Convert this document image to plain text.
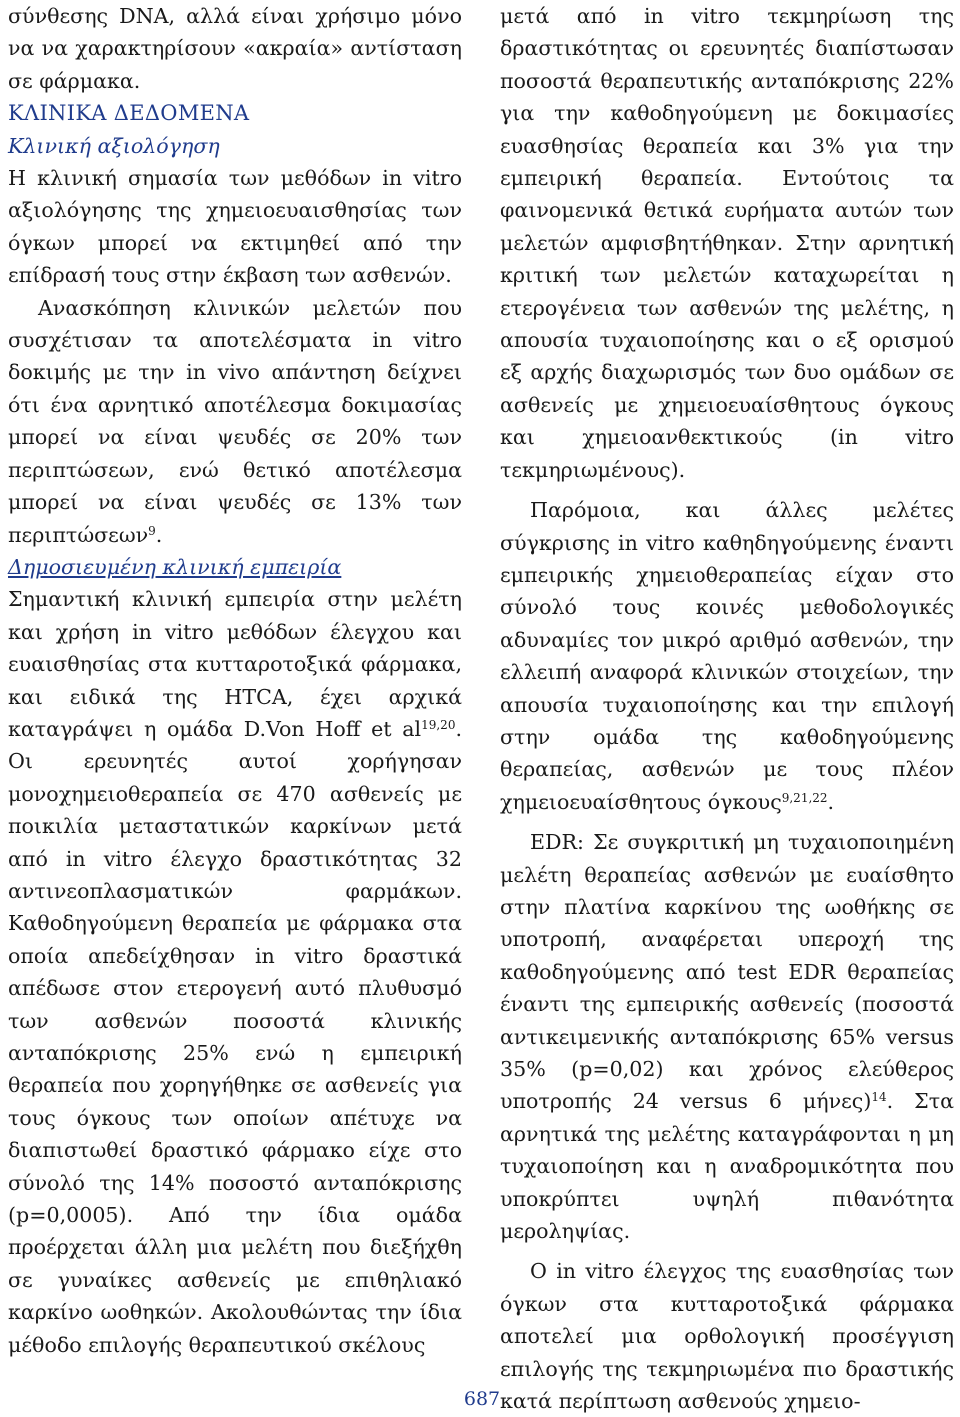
σύνθεσης DNA, αλλά είναι χρήσιμο μόνο να να χαρακτηρίσουν «ακραία» αντίσταση σε φάρμακα.

ΚΛΙΝΙΚΑ ΔΕΔΟΜΕΝΑ

Κλινική αξιολόγηση

Η κλινική σημασία των μεθόδων in vitro αξιολόγησης της χημειοευαισθησίας των όγκων μπορεί να εκτιμηθεί από την επίδρασή τους στην έκβαση των ασθενών.

Ανασκόπηση κλινικών μελετών που συσχέτισαν τα αποτελέσματα in vitro δοκιμής με την in vivo απάντηση δείχνει ότι ένα αρνητικό αποτέλεσμα δοκιμασίας μπορεί να είναι ψευδές σε 20% των περιπτώσεων, ενώ θετικό αποτέλεσμα μπορεί να είναι ψευδές σε 13% των περιπτώσεων$^9$.

Δημοσιευμένη κλινική εμπειρία

Σημαντική κλινική εμπειρία στην μελέτη και χρήση in vitro μεθόδων έλεγχου και ευαισθησίας στα κυτταροτοξικά φάρμακα, και ειδικά της HTCA, έχει αρχικά καταγράψει η ομάδα D.Von Hoff et al$^{19,20}$. Οι ερευνητές αυτοί χορήγησαν μονοχημειοθεραπεία σε 470 ασθενείς με ποικιλία μεταστατικών καρκίνων μετά από in vitro έλεγχο δραστικότητας 32 αντινεοπλασματικών φαρμάκων. Καθοδηγούμενη θεραπεία με φάρμακα στα οποία απεδείχθησαν in vitro δραστικά απέδωσε στον ετερογενή αυτό πλυθυσμό των ασθενών ποσοστά κλινικής ανταπόκρισης 25% ενώ η εμπειρική θεραπεία που χορηγήθηκε σε ασθενείς για τους όγκους των οποίων απέτυχε να διαπιστωθεί δραστικό φάρμακο είχε στο σύνολό της 14% ποσοστό ανταπόκρισης (p=0,0005). Από την ίδια ομάδα προέρχεται άλλη μια μελέτη που διεξήχθη σε γυναίκες ασθενείς με επιθηλιακό καρκίνο ωοθηκών. Ακολουθώντας την ίδια μέθοδο επιλογής θεραπευτικού σκέλους

μετά από in vitro τεκμηρίωση της δραστικότητας οι ερευνητές διαπίστωσαν ποσοστά θεραπευτικής ανταπόκρισης 22% για την καθοδηγούμενη με δοκιμασίες ευασθησίας θεραπεία και 3% για την εμπειρική θεραπεία. Εντούτοις τα φαινομενικά θετικά ευρήματα αυτών των μελετών αμφισβητήθηκαν. Στην αρνητική κριτική των μελετών καταχωρείται η ετερογένεια των ασθενών της μελέτης, η απουσία τυχαιοποίησης και ο εξ ορισμού εξ αρχής διαχωρισμός των δυο ομάδων σε ασθενείς με χημειοευαίσθητους όγκους και χημειοανθεκτικούς (in vitro τεκμηριωμένους).

Παρόμοια, και άλλες μελέτες σύγκρισης in vitro καθηδηγούμενης έναντι εμπειρικής χημειοθεραπείας είχαν στο σύνολό τους κοινές μεθοδολογικές αδυναμίες τον μικρό αριθμό ασθενών, την ελλειπή αναφορά κλινικών στοιχείων, την απουσία τυχαιοποίησης και την επιλογή στην ομάδα της καθοδηγούμενης θεραπείας, ασθενών με τους πλέον χημειοευαίσθητους όγκους$^{9,21,22}$.

EDR: Σε συγκριτική μη τυχαιοποιημένη μελέτη θεραπείας ασθενών με ευαίσθητο στην πλατίνα καρκίνου της ωοθήκης σε υποτροπή, αναφέρεται υπεροχή της καθοδηγούμενης από test EDR θεραπείας έναντι της εμπειρικής ασθενείς (ποσοστά αντικειμενικής ανταπόκρισης 65% versus 35% (p=0,02) και χρόνος ελεύθερος υποτροπής 24 versus 6 μήνες)$^{14}$. Στα αρνητικά της μελέτης καταγράφονται η μη τυχαιοποίηση και η αναδρομικότητα που υποκρύπτει υψηλή πιθανότητα μεροληψίας.

Ο in vitro έλεγχος της ευασθησίας των όγκων στα κυτταροτοξικά φάρμακα αποτελεί μια ορθολογική προσέγγιση επιλογής της τεκμηριωμένα πιο δραστικής κατά περίπτωση ασθενούς χημειο-

687
